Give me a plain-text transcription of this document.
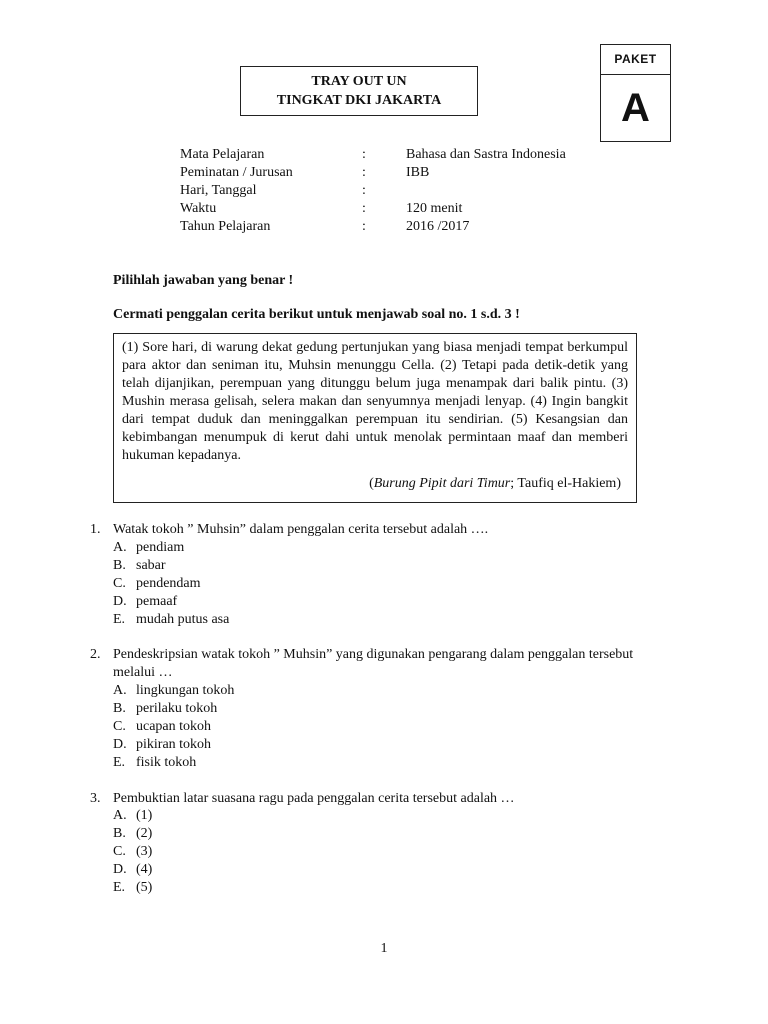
TRAY OUT UN
TINGKAT DKI JAKARTA
PAKET
A
Mata Pelajaran	:	Bahasa dan Sastra Indonesia
Peminatan / Jurusan	:	IBB
Hari, Tanggal	:
Waktu	:	120 menit
Tahun Pelajaran	:	2016 /2017
Pilihlah jawaban yang benar !
Cermati penggalan cerita berikut untuk menjawab soal no. 1 s.d. 3 !
(1) Sore hari, di warung dekat gedung pertunjukan yang biasa menjadi tempat berkumpul para aktor dan seniman itu, Muhsin menunggu Cella. (2) Tetapi pada detik-detik yang telah dijanjikan, perempuan yang ditunggu belum juga menampak dari balik pintu. (3) Mushin merasa gelisah, selera makan dan senyumnya menjadi lenyap. (4) Ingin bangkit dari tempat duduk dan meninggalkan perempuan itu sendirian. (5) Kesangsian dan kebimbangan menumpuk di kerut dahi untuk menolak permintaan maaf dan memberi hukuman kepadanya.
(Burung Pipit dari Timur; Taufiq el-Hakiem)
1. Watak tokoh ” Muhsin” dalam penggalan cerita tersebut adalah ….
A. pendiam
B. sabar
C. pendendam
D. pemaaf
E. mudah putus asa
2. Pendeskripsian watak tokoh ” Muhsin” yang digunakan pengarang dalam penggalan tersebut
melalui …
A. lingkungan tokoh
B. perilaku tokoh
C. ucapan tokoh
D. pikiran tokoh
E. fisik tokoh
3. Pembuktian latar suasana ragu pada penggalan cerita tersebut adalah …
A. (1)
B. (2)
C. (3)
D. (4)
E. (5)
1
